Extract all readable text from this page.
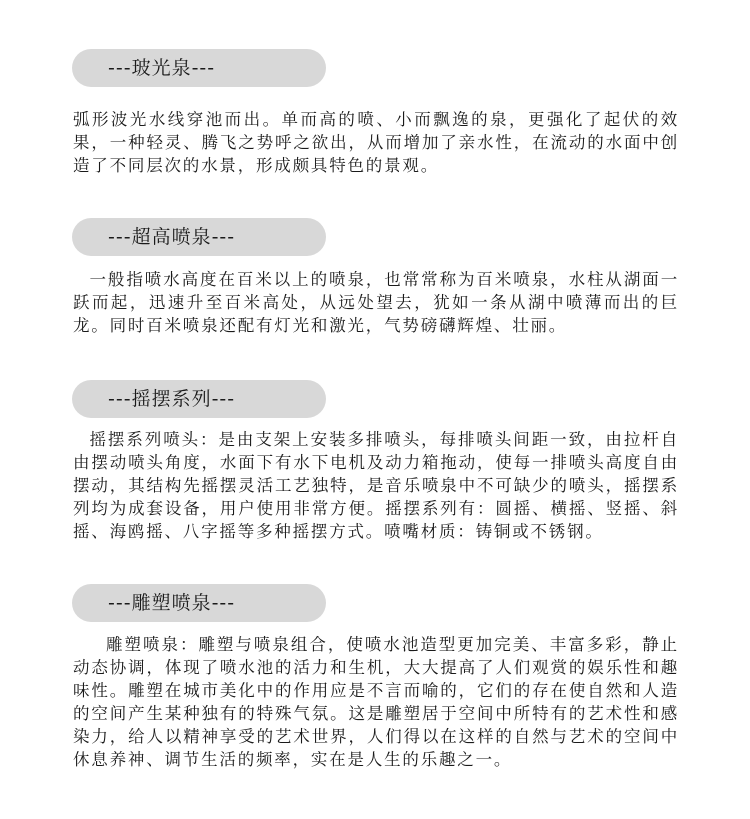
---玻光泉---

弧形波光水线穿池而出。单而高的喷、小而飘逸的泉，更强化了起伏的效果，一种轻灵、腾飞之势呼之欲出，从而增加了亲水性，在流动的水面中创造了不同层次的水景，形成颇具特色的景观。

---超高喷泉---

一般指喷水高度在百米以上的喷泉，也常常称为百米喷泉，水柱从湖面一跃而起，迅速升至百米高处，从远处望去，犹如一条从湖中喷薄而出的巨龙。同时百米喷泉还配有灯光和激光，气势磅礴辉煌、壮丽。

---摇摆系列---

摇摆系列喷头：是由支架上安装多排喷头，每排喷头间距一致，由拉杆自由摆动喷头角度，水面下有水下电机及动力箱拖动，使每一排喷头高度自由摆动，其结构先摇摆灵活工艺独特，是音乐喷泉中不可缺少的喷头，摇摆系列均为成套设备，用户使用非常方便。摇摆系列有：圆摇、横摇、竖摇、斜摇、海鸥摇、八字摇等多种摇摆方式。喷嘴材质：铸铜或不锈钢。

---雕塑喷泉---

雕塑喷泉：雕塑与喷泉组合，使喷水池造型更加完美、丰富多彩，静止动态协调，体现了喷水池的活力和生机，大大提高了人们观赏的娱乐性和趣味性。雕塑在城市美化中的作用应是不言而喻的，它们的存在使自然和人造的空间产生某种独有的特殊气氛。这是雕塑居于空间中所特有的艺术性和感染力，给人以精神享受的艺术世界，人们得以在这样的自然与艺术的空间中休息养神、调节生活的频率，实在是人生的乐趣之一。
